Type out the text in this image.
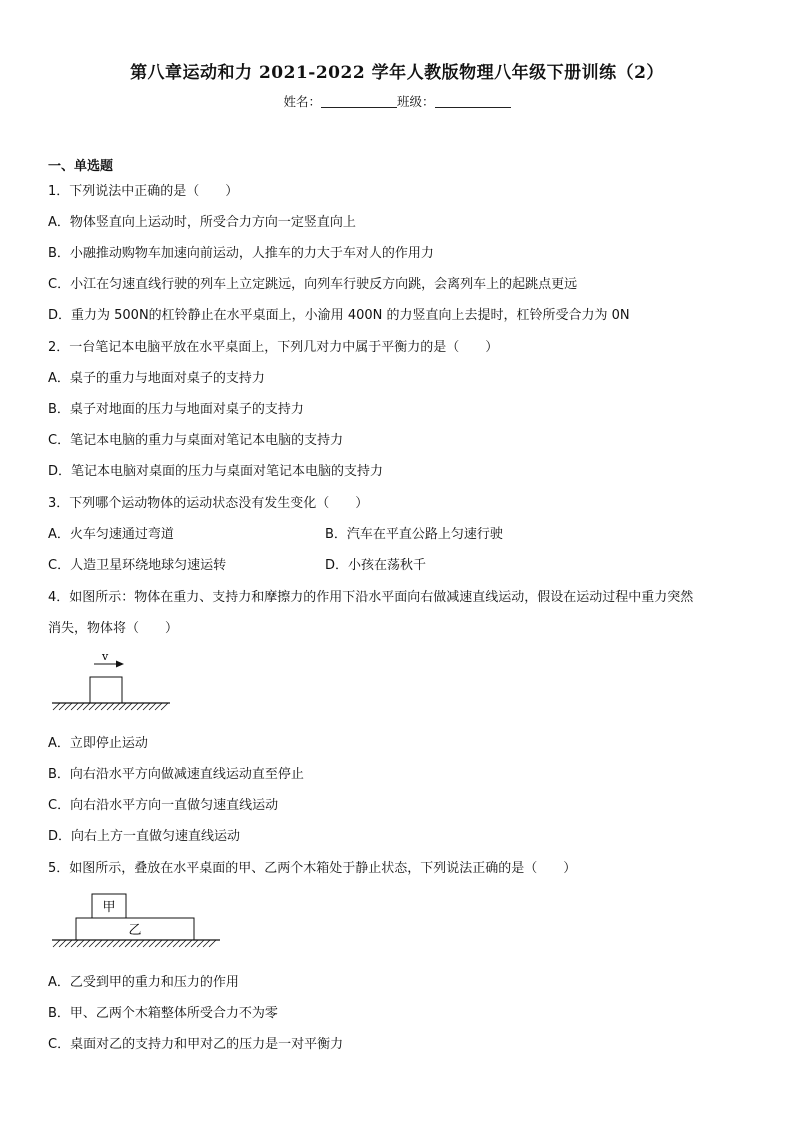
第八章运动和力 2021-2022 学年人教版物理八年级下册训练（2）
姓名：	班级：
一、单选题
1．下列说法中正确的是（　　）
A．物体竖直向上运动时，所受合力方向一定竖直向上
B．小融推动购物车加速向前运动，人推车的力大于车对人的作用力
C．小江在匀速直线行驶的列车上立定跳远，向列车行驶反方向跳，会离列车上的起跳点更远
D．重力为 500N的杠铃静止在水平桌面上，小渝用 400N 的力竖直向上去提时，杠铃所受合力为 0N
2．一台笔记本电脑平放在水平桌面上，下列几对力中属于平衡力的是（　　）
A．桌子的重力与地面对桌子的支持力
B．桌子对地面的压力与地面对桌子的支持力
C．笔记本电脑的重力与桌面对笔记本电脑的支持力
D．笔记本电脑对桌面的压力与桌面对笔记本电脑的支持力
3．下列哪个运动物体的运动状态没有发生变化（　　）
A．火车匀速通过弯道	B．汽车在平直公路上匀速行驶
C．人造卫星环绕地球匀速运转	D．小孩在荡秋千
4．如图所示：物体在重力、支持力和摩擦力的作用下沿水平面向右做减速直线运动，假设在运动过程中重力突然
消失，物体将（　　）
v
A．立即停止运动
B．向右沿水平方向做减速直线运动直至停止
C．向右沿水平方向一直做匀速直线运动
D．向右上方一直做匀速直线运动
5．如图所示，叠放在水平桌面的甲、乙两个木箱处于静止状态，下列说法正确的是（　　）
甲
乙
A．乙受到甲的重力和压力的作用
B．甲、乙两个木箱整体所受合力不为零
C．桌面对乙的支持力和甲对乙的压力是一对平衡力
